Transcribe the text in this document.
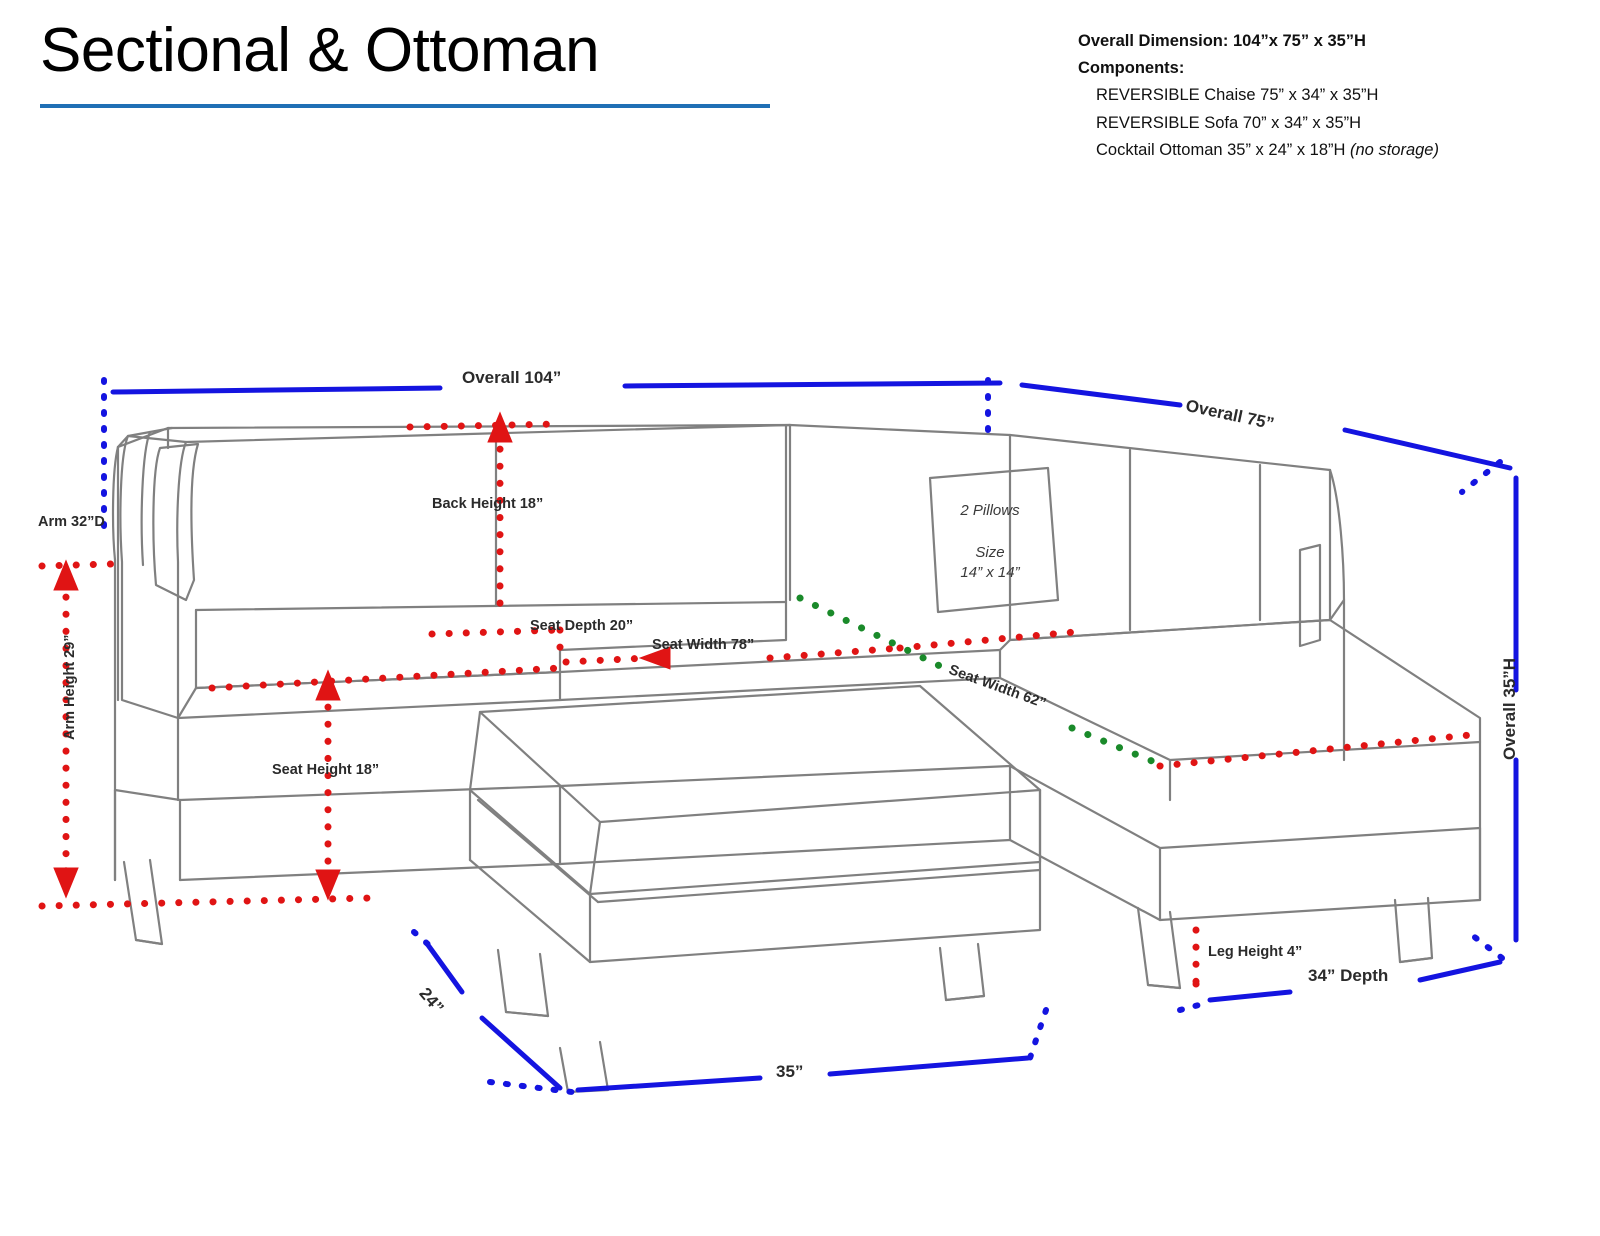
Sectional & Ottoman	Overall Dimension: 104”x 75” x 35”H
Components:
REVERSIBLE Chaise 75” x 34” x 35”H
REVERSIBLE Sofa 70” x 34” x 35”H
Cocktail Ottoman 35” x 24” x 18”H (no storage)
Overall 104”
Overall 75”
Overall 35”H
Arm 32”D
Arm Height 29”
Back Height 18”
Seat Depth 20”
Seat Width 78”
Seat Width 62”
Seat Height 18”
Leg Height 4”
34” Depth
24”
35”
2 Pillows
Size
14” x 14”
